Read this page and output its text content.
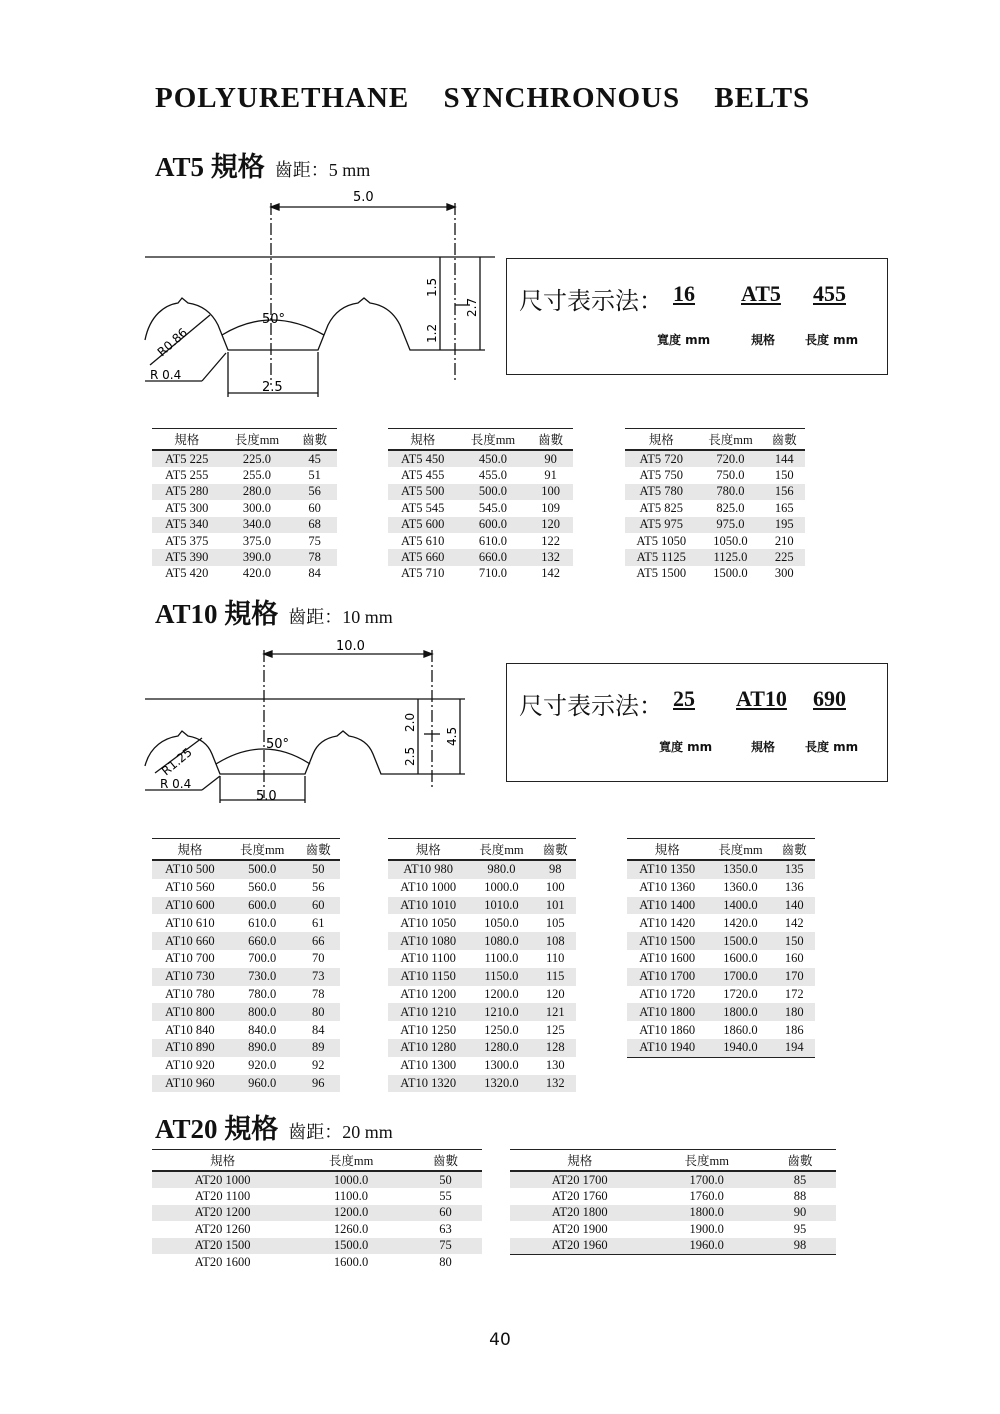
POLYURETHANE SYNCHRONOUS BELTS
AT5 規格 齒距：5 mm
5.0
1.5
2.7
1.2
50°
R0.86
R 0.4
2.5
尺寸表示法： 16 AT5 455
寬度 mm	規格 長度 mm
規格	長度mm	齒數
AT5 225	225.0	45
AT5 255	255.0	51
AT5 280	280.0	56
AT5 300	300.0	60
AT5 340	340.0	68
AT5 375	375.0	75
AT5 390	390.0	78
AT5 420	420.0	84
規格	長度mm	齒數
AT5 450	450.0	90
AT5 455	455.0	91
AT5 500	500.0	100
AT5 545	545.0	109
AT5 600	600.0	120
AT5 610	610.0	122
AT5 660	660.0	132
AT5 710	710.0	142
規格	長度mm	齒數
AT5 720	720.0	144
AT5 750	750.0	150
AT5 780	780.0	156
AT5 825	825.0	165
AT5 975	975.0	195
AT5 1050	1050.0	210
AT5 1125	1125.0	225
AT5 1500	1500.0	300
AT10 規格 齒距：10 mm
10.0
2.0
4.5
2.5
50°
R1.25
R 0.4
5.0
尺寸表示法： 25 AT10 690
寬度 mm	規格 長度 mm
規格	長度mm	齒數
AT10 500	500.0	50
AT10 560	560.0	56
AT10 600	600.0	60
AT10 610	610.0	61
AT10 660	660.0	66
AT10 700	700.0	70
AT10 730	730.0	73
AT10 780	780.0	78
AT10 800	800.0	80
AT10 840	840.0	84
AT10 890	890.0	89
AT10 920	920.0	92
AT10 960	960.0	96
規格	長度mm	齒數
AT10 980	980.0	98
AT10 1000	1000.0	100
AT10 1010	1010.0	101
AT10 1050	1050.0	105
AT10 1080	1080.0	108
AT10 1100	1100.0	110
AT10 1150	1150.0	115
AT10 1200	1200.0	120
AT10 1210	1210.0	121
AT10 1250	1250.0	125
AT10 1280	1280.0	128
AT10 1300	1300.0	130
AT10 1320	1320.0	132
規格	長度mm	齒數
AT10 1350	1350.0	135
AT10 1360	1360.0	136
AT10 1400	1400.0	140
AT10 1420	1420.0	142
AT10 1500	1500.0	150
AT10 1600	1600.0	160
AT10 1700	1700.0	170
AT10 1720	1720.0	172
AT10 1800	1800.0	180
AT10 1860	1860.0	186
AT10 1940	1940.0	194
AT20 規格 齒距：20 mm
規格	長度mm	齒數
AT20 1000	1000.0	50
AT20 1100	1100.0	55
AT20 1200	1200.0	60
AT20 1260	1260.0	63
AT20 1500	1500.0	75
AT20 1600	1600.0	80
規格	長度mm	齒數
AT20 1700	1700.0	85
AT20 1760	1760.0	88
AT20 1800	1800.0	90
AT20 1900	1900.0	95
AT20 1960	1960.0	98
40
